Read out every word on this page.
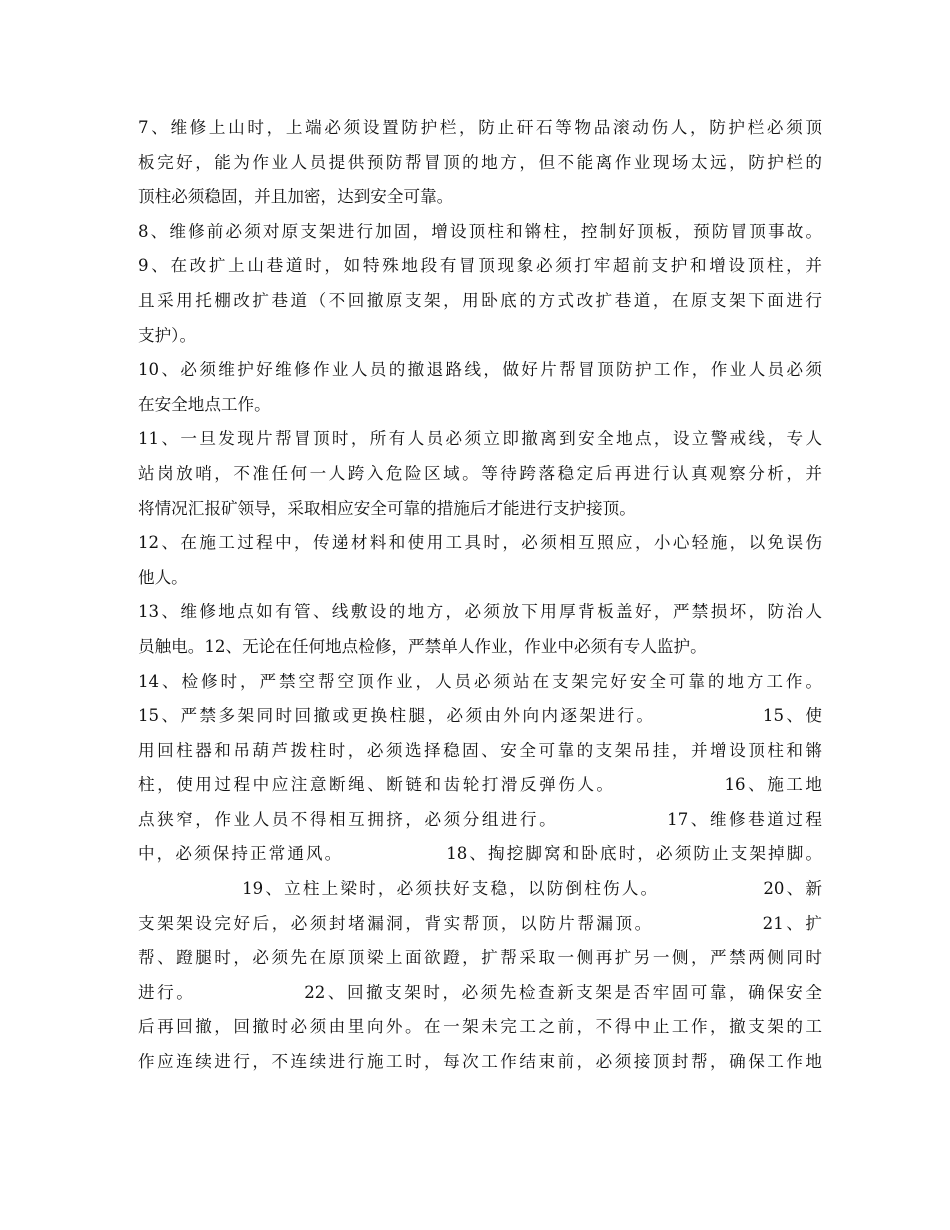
7、维修上山时，上端必须设置防护栏，防止矸石等物品滚动伤人，防护栏必须顶
板完好，能为作业人员提供预防帮冒顶的地方，但不能离作业现场太远，防护栏的
顶柱必须稳固，并且加密，达到安全可靠。
8、维修前必须对原支架进行加固，增设顶柱和锵柱，控制好顶板，预防冒顶事故。
9、在改扩上山巷道时，如特殊地段有冒顶现象必须打牢超前支护和增设顶柱，并
且采用托棚改扩巷道（不回撤原支架，用卧底的方式改扩巷道，在原支架下面进行
支护）。
10、必须维护好维修作业人员的撤退路线，做好片帮冒顶防护工作，作业人员必须
在安全地点工作。
11、一旦发现片帮冒顶时，所有人员必须立即撤离到安全地点，设立警戒线，专人
站岗放哨，不准任何一人跨入危险区域。等待跨落稳定后再进行认真观察分析，并
将情况汇报矿领导，采取相应安全可靠的措施后才能进行支护接顶。
12、在施工过程中，传递材料和使用工具时，必须相互照应，小心轻施，以免误伤
他人。
13、维修地点如有管、线敷设的地方，必须放下用厚背板盖好，严禁损坏，防治人
员触电。12、无论在任何地点检修，严禁单人作业，作业中必须有专人监护。
14、检修时，严禁空帮空顶作业，人员必须站在支架完好安全可靠的地方工作。
15、严禁多架同时回撤或更换柱腿，必须由外向内逐架进行。              15、使
用回柱器和吊葫芦拨柱时，必须选择稳固、安全可靠的支架吊挂，并增设顶柱和锵
柱，使用过程中应注意断绳、断链和齿轮打滑反弹伤人。              16、施工地
点狭窄，作业人员不得相互拥挤，必须分组进行。              17、维修巷道过程
中，必须保持正常通风。              18、掏挖脚窝和卧底时，必须防止支架掉脚。
19、立柱上梁时，必须扶好支稳，以防倒柱伤人。              20、新
支架架设完好后，必须封堵漏洞，背实帮顶，以防片帮漏顶。              21、扩
帮、蹬腿时，必须先在原顶梁上面欲蹬，扩帮采取一侧再扩另一侧，严禁两侧同时
进行。              22、回撤支架时，必须先检查新支架是否牢固可靠，确保安全
后再回撤，回撤时必须由里向外。在一架未完工之前，不得中止工作，撤支架的工
作应连续进行，不连续进行施工时，每次工作结束前，必须接顶封帮，确保工作地
